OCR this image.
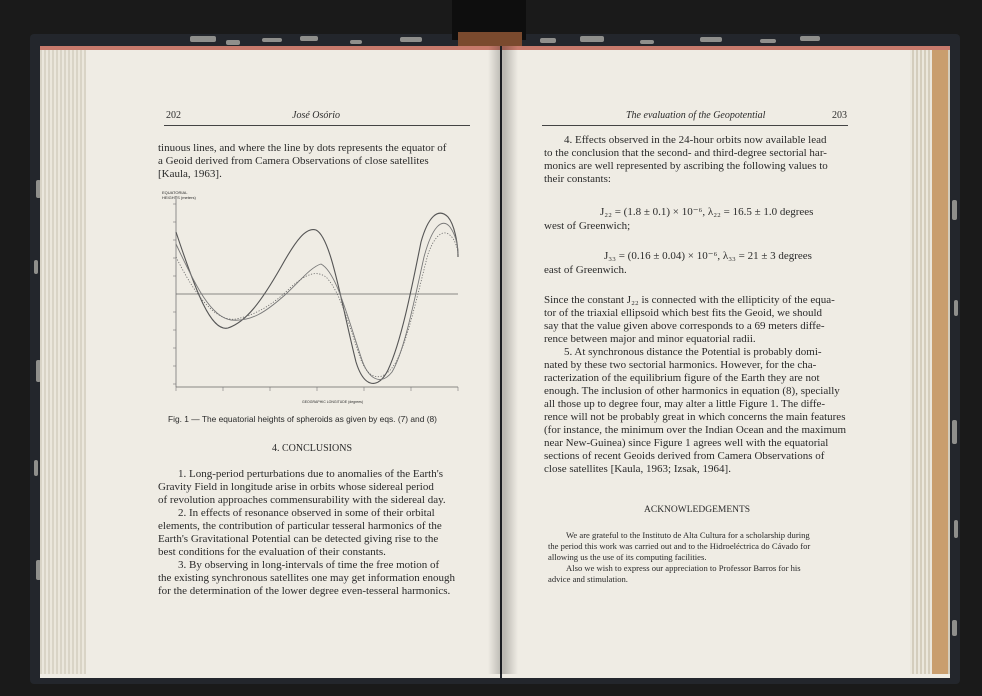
202	José Osório
tinuous lines, and where the line by dots represents the equator of
a Geoid derived from Camera Observations of close satellites
[Kaula, 1963].
EQUATORIAL
HEIGHTS (meters)
GEOGRAPHIC LONGITUDE (degrees)
Fig. 1 — The equatorial heights of spheroids as given by eqs. (7) and (8)
4. CONCLUSIONS
1. Long-period perturbations due to anomalies of the Earth's
Gravity Field in longitude arise in orbits whose sidereal period
of revolution approaches commensurability with the sidereal day.
2. In effects of resonance observed in some of their orbital
elements, the contribution of particular tesseral harmonics of the
Earth's Gravitational Potential can be detected giving rise to the
best conditions for the evaluation of their constants.
3. By observing in long-intervals of time the free motion of
the existing synchronous satellites one may get information enough
for the determination of the lower degree even-tesseral harmonics.
The evaluation of the Geopotential	203
4. Effects observed in the 24-hour orbits now available lead
to the conclusion that the second- and third-degree sectorial har-
monics are well represented by ascribing the following values to
their constants:
J₂₂ = (1.8 ± 0.1) × 10⁻⁶, λ₂₂ = 16.5 ± 1.0 degrees
west of Greenwich;
J₃₃ = (0.16 ± 0.04) × 10⁻⁶, λ₃₃ = 21 ± 3 degrees
east of Greenwich.
Since the constant J₂₂ is connected with the ellipticity of the equa-
tor of the triaxial ellipsoid which best fits the Geoid, we should
say that the value given above corresponds to a 69 meters diffe-
rence between major and minor equatorial radii.
5. At synchronous distance the Potential is probably domi-
nated by these two sectorial harmonics. However, for the cha-
racterization of the equilibrium figure of the Earth they are not
enough. The inclusion of other harmonics in equation (8), specially
all those up to degree four, may alter a little Figure 1. The diffe-
rence will not be probably great in which concerns the main features
(for instance, the minimum over the Indian Ocean and the maximum
near New-Guinea) since Figure 1 agrees well with the equatorial
sections of recent Geoids derived from Camera Observations of
close satellites [Kaula, 1963; Izsak, 1964].
ACKNOWLEDGEMENTS
We are grateful to the Instituto de Alta Cultura for a scholarship during
the period this work was carried out and to the Hidroeléctrica do Cávado for
allowing us the use of its computing facilities.
Also we wish to express our appreciation to Professor Barros for his
advice and stimulation.
